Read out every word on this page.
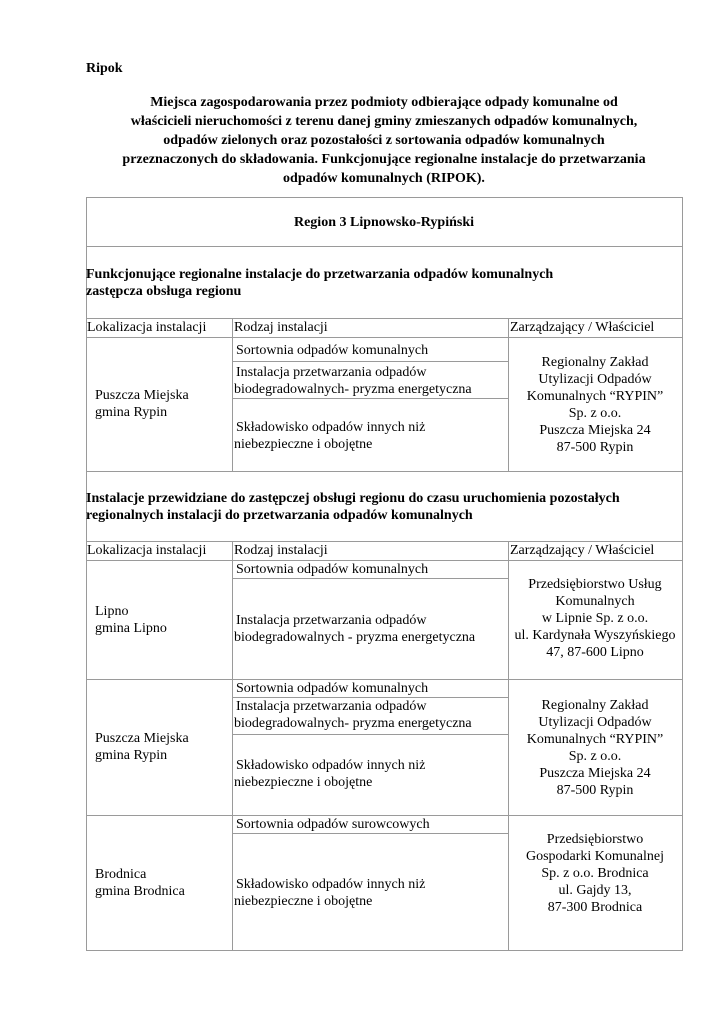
Ripok
Miejsca zagospodarowania przez podmioty odbierające odpady komunalne od
właścicieli nieruchomości z terenu danej gminy zmieszanych odpadów komunalnych,
odpadów zielonych oraz pozostałości z sortowania odpadów komunalnych
przeznaczonych do składowania. Funkcjonujące regionalne instalacje do przetwarzania
odpadów komunalnych (RIPOK).
Region 3 Lipnowsko-Rypiński
Funkcjonujące regionalne instalacje do przetwarzania odpadów komunalnych
zastępcza obsługa regionu
Lokalizacja instalacji Rodzaj instalacji	Zarządzający / Właściciel
Puszcza Miejska
gmina Rypin
Sortownia odpadów komunalnych
Instalacja przetwarzania odpadów
biodegradowalnych- pryzma energetyczna
Składowisko odpadów innych niż
niebezpieczne i obojętne
Regionalny Zakład
Utylizacji Odpadów
Komunalnych “RYPIN”
Sp. z o.o.
Puszcza Miejska 24
87-500 Rypin
Instalacje przewidziane do zastępczej obsługi regionu do czasu uruchomienia pozostałych
regionalnych instalacji do przetwarzania odpadów komunalnych
Lokalizacja instalacji Rodzaj instalacji	Zarządzający / Właściciel
Lipno
gmina Lipno
Sortownia odpadów komunalnych
Instalacja przetwarzania odpadów
biodegradowalnych - pryzma energetyczna
Przedsiębiorstwo Usług
Komunalnych
w Lipnie Sp. z o.o.
ul. Kardynała Wyszyńskiego
47, 87-600 Lipno
Puszcza Miejska
gmina Rypin
Sortownia odpadów komunalnych
Instalacja przetwarzania odpadów
biodegradowalnych- pryzma energetyczna
Składowisko odpadów innych niż
niebezpieczne i obojętne
Regionalny Zakład
Utylizacji Odpadów
Komunalnych “RYPIN”
Sp. z o.o.
Puszcza Miejska 24
87-500 Rypin
Brodnica
gmina Brodnica
Sortownia odpadów surowcowych
Składowisko odpadów innych niż
niebezpieczne i obojętne
Przedsiębiorstwo
Gospodarki Komunalnej
Sp. z o.o. Brodnica
ul. Gajdy 13,
87-300 Brodnica
